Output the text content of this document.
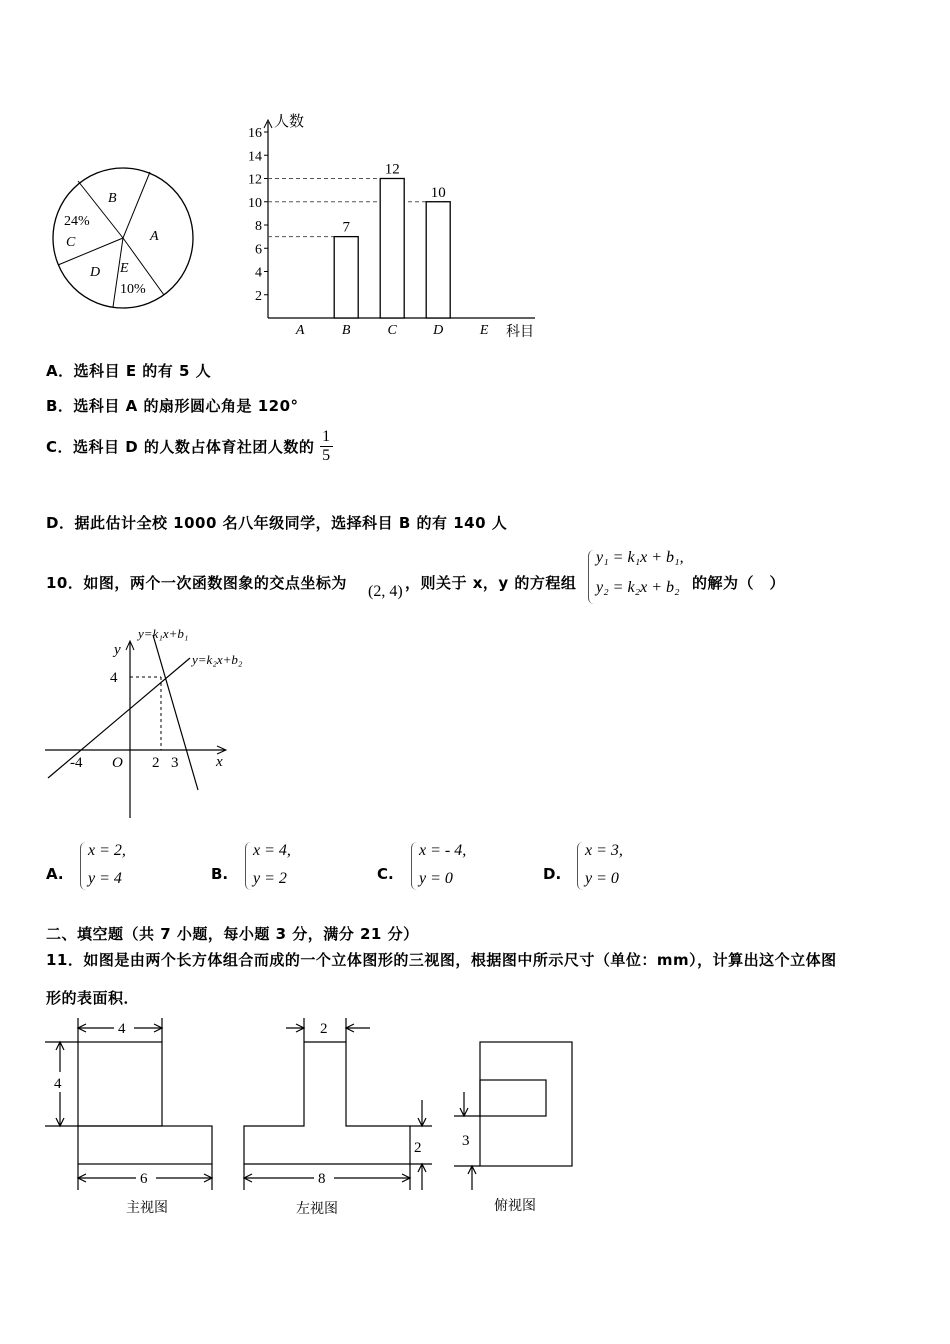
B
A
24%
C
D E
10%
人数
科目
2
4
6
8
10
12
14
16
7
12
10
A	B	C	D	E
A．选科目 E 的有 5 人
B．选科目 A 的扇形圆心角是 120°
C．选科目 D 的人数占体育社团人数的 $\frac{1}{5}$
D．据此估计全校 1000 名八年级同学，选择科目 B 的有 140 人
10．如图，两个一次函数图象的交点坐标为 (2, 4) ，则关于 x，y 的方程组
y₁ = k₁x + b₁,
y₂ = k₂x + b₂ 的解为（　）
y=k₁x+b₁
y=k₂x+b₂
y
x
O
4
-4	2 3
A.
x = 2,
y = 4	B.
x = 4,
y = 2	C.
x = - 4,
y = 0	D.
x = 3,
y = 0
二、填空题（共 7 小题，每小题 3 分，满分 21 分）
11．如图是由两个长方体组合而成的一个立体图形的三视图，根据图中所示尺寸（单位：mm），计算出这个立体图
形的表面积．
4
4
6
主视图
2
2
8
左视图
3
俯视图
